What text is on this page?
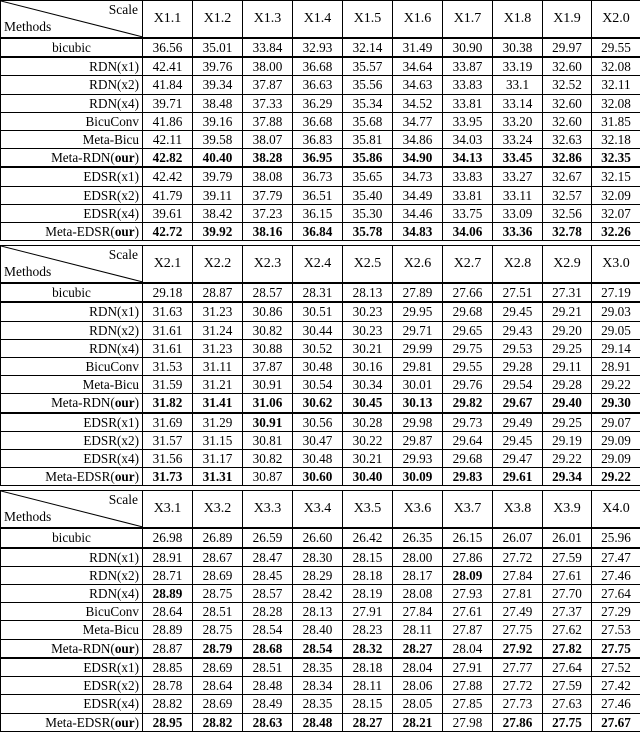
Scale
Methods	X1.1	X1.2	X1.3	X1.4	X1.5	X1.6	X1.7	X1.8	X1.9	X2.0
bicubic	36.56	35.01	33.84	32.93	32.14	31.49	30.90	30.38	29.97	29.55
RDN(x1)	42.41	39.76	38.00	36.68	35.57	34.64	33.87	33.19	32.60	32.08
RDN(x2)	41.84	39.34	37.87	36.63	35.56	34.63	33.83	33.1	32.52	32.11
RDN(x4)	39.71	38.48	37.33	36.29	35.34	34.52	33.81	33.14	32.60	32.08
BicuConv	41.86	39.16	37.88	36.68	35.68	34.77	33.95	33.20	32.60	31.85
Meta-Bicu	42.11	39.58	38.07	36.83	35.81	34.86	34.03	33.24	32.63	32.18
Meta-RDN(our)	42.82	40.40	38.28	36.95	35.86	34.90	34.13	33.45	32.86	32.35
EDSR(x1)	42.42	39.79	38.08	36.73	35.65	34.73	33.83	33.27	32.67	32.15
EDSR(x2)	41.79	39.11	37.79	36.51	35.40	34.49	33.81	33.11	32.57	32.09
EDSR(x4)	39.61	38.42	37.23	36.15	35.30	34.46	33.75	33.09	32.56	32.07
Meta-EDSR(our)	42.72	39.92	38.16	36.84	35.78	34.83	34.06	33.36	32.78	32.26
Scale
Methods	X2.1	X2.2	X2.3	X2.4	X2.5	X2.6	X2.7	X2.8	X2.9	X3.0
bicubic	29.18	28.87	28.57	28.31	28.13	27.89	27.66	27.51	27.31	27.19
RDN(x1)	31.63	31.23	30.86	30.51	30.23	29.95	29.68	29.45	29.21	29.03
RDN(x2)	31.61	31.24	30.82	30.44	30.23	29.71	29.65	29.43	29.20	29.05
RDN(x4)	31.61	31.23	30.88	30.52	30.21	29.99	29.75	29.53	29.25	29.14
BicuConv	31.53	31.11	37.87	30.48	30.16	29.81	29.55	29.28	29.11	28.91
Meta-Bicu	31.59	31.21	30.91	30.54	30.34	30.01	29.76	29.54	29.28	29.22
Meta-RDN(our)	31.82	31.41	31.06	30.62	30.45	30.13	29.82	29.67	29.40	29.30
EDSR(x1)	31.69	31.29	30.91	30.56	30.28	29.98	29.73	29.49	29.25	29.07
EDSR(x2)	31.57	31.15	30.81	30.47	30.22	29.87	29.64	29.45	29.19	29.09
EDSR(x4)	31.56	31.17	30.82	30.48	30.21	29.93	29.68	29.47	29.22	29.09
Meta-EDSR(our)	31.73	31.31	30.87	30.60	30.40	30.09	29.83	29.61	29.34	29.22
Scale
Methods	X3.1	X3.2	X3.3	X3.4	X3.5	X3.6	X3.7	X3.8	X3.9	X4.0
bicubic	26.98	26.89	26.59	26.60	26.42	26.35	26.15	26.07	26.01	25.96
RDN(x1)	28.91	28.67	28.47	28.30	28.15	28.00	27.86	27.72	27.59	27.47
RDN(x2)	28.71	28.69	28.45	28.29	28.18	28.17	28.09	27.84	27.61	27.46
RDN(x4)	28.89	28.75	28.57	28.42	28.19	28.08	27.93	27.81	27.70	27.64
BicuConv	28.64	28.51	28.28	28.13	27.91	27.84	27.61	27.49	27.37	27.29
Meta-Bicu	28.89	28.75	28.54	28.40	28.23	28.11	27.87	27.75	27.62	27.53
Meta-RDN(our)	28.87	28.79	28.68	28.54	28.32	28.27	28.04	27.92	27.82	27.75
EDSR(x1)	28.85	28.69	28.51	28.35	28.18	28.04	27.91	27.77	27.64	27.52
EDSR(x2)	28.78	28.64	28.48	28.34	28.11	28.06	27.88	27.72	27.59	27.42
EDSR(x4)	28.82	28.69	28.49	28.35	28.15	28.05	27.85	27.73	27.63	27.46
Meta-EDSR(our)	28.95	28.82	28.63	28.48	28.27	28.21	27.98	27.86	27.75	27.67
